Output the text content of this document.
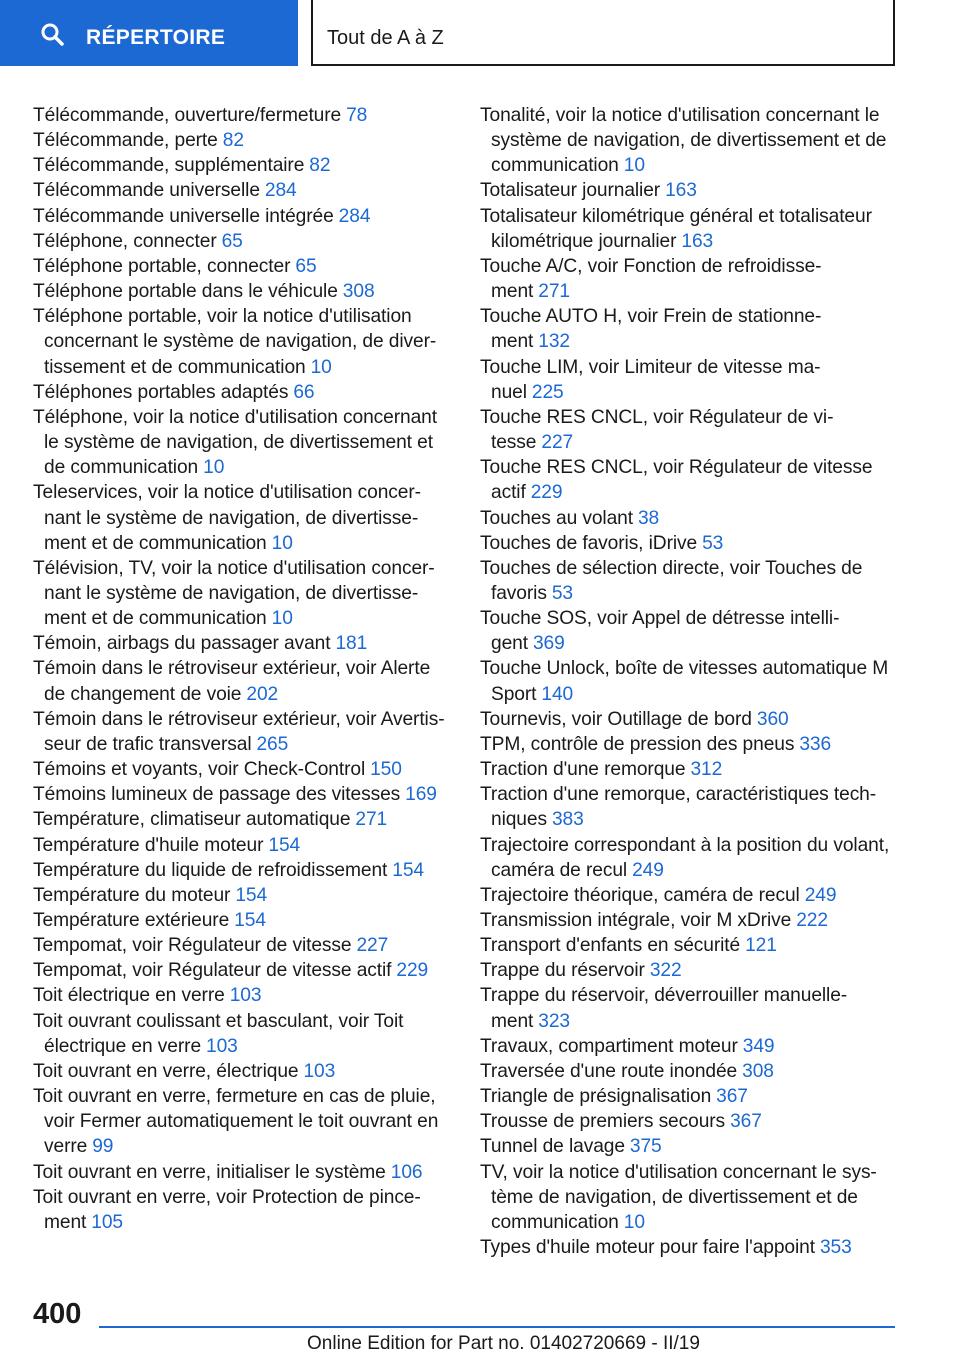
RÉPERTOIRE	Tout de A à Z
Télécommande, ouverture/fermeture 78
Télécommande, perte 82
Télécommande, supplémentaire 82
Télécommande universelle 284
Télécommande universelle intégrée 284
Téléphone, connecter 65
Téléphone portable, connecter 65
Téléphone portable dans le véhicule 308
Téléphone portable, voir la notice d'utilisation
concernant le système de navigation, de diver‐
tissement et de communication 10
Téléphones portables adaptés 66
Téléphone, voir la notice d'utilisation concernant
le système de navigation, de divertissement et
de communication 10
Teleservices, voir la notice d'utilisation concer‐
nant le système de navigation, de divertisse‐
ment et de communication 10
Télévision, TV, voir la notice d'utilisation concer‐
nant le système de navigation, de divertisse‐
ment et de communication 10
Témoin, airbags du passager avant 181
Témoin dans le rétroviseur extérieur, voir Alerte
de changement de voie 202
Témoin dans le rétroviseur extérieur, voir Avertis‐
seur de trafic transversal 265
Témoins et voyants, voir Check-Control 150
Témoins lumineux de passage des vitesses 169
Température, climatiseur automatique 271
Température d'huile moteur 154
Température du liquide de refroidissement 154
Température du moteur 154
Température extérieure 154
Tempomat, voir Régulateur de vitesse 227
Tempomat, voir Régulateur de vitesse actif 229
Toit électrique en verre 103
Toit ouvrant coulissant et basculant, voir Toit
électrique en verre 103
Toit ouvrant en verre, électrique 103
Toit ouvrant en verre, fermeture en cas de pluie,
voir Fermer automatiquement le toit ouvrant en
verre 99
Toit ouvrant en verre, initialiser le système 106
Toit ouvrant en verre, voir Protection de pince‐
ment 105
Tonalité, voir la notice d'utilisation concernant le
système de navigation, de divertissement et de
communication 10
Totalisateur journalier 163
Totalisateur kilométrique général et totalisateur
kilométrique journalier 163
Touche A/C, voir Fonction de refroidisse‐
ment 271
Touche AUTO H, voir Frein de stationne‐
ment 132
Touche LIM, voir Limiteur de vitesse ma‐
nuel 225
Touche RES CNCL, voir Régulateur de vi‐
tesse 227
Touche RES CNCL, voir Régulateur de vitesse
actif 229
Touches au volant 38
Touches de favoris, iDrive 53
Touches de sélection directe, voir Touches de
favoris 53
Touche SOS, voir Appel de détresse intelli‐
gent 369
Touche Unlock, boîte de vitesses automatique M
Sport 140
Tournevis, voir Outillage de bord 360
TPM, contrôle de pression des pneus 336
Traction d'une remorque 312
Traction d'une remorque, caractéristiques tech‐
niques 383
Trajectoire correspondant à la position du volant,
caméra de recul 249
Trajectoire théorique, caméra de recul 249
Transmission intégrale, voir M xDrive 222
Transport d'enfants en sécurité 121
Trappe du réservoir 322
Trappe du réservoir, déverrouiller manuelle‐
ment 323
Travaux, compartiment moteur 349
Traversée d'une route inondée 308
Triangle de présignalisation 367
Trousse de premiers secours 367
Tunnel de lavage 375
TV, voir la notice d'utilisation concernant le sys‐
tème de navigation, de divertissement et de
communication 10
Types d'huile moteur pour faire l'appoint 353
400
Online Edition for Part no. 01402720669 - II/19
